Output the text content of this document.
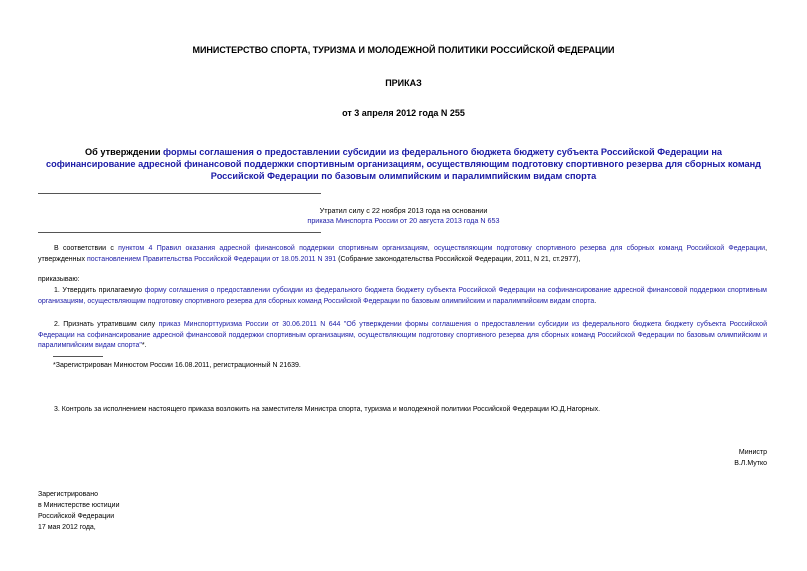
МИНИСТЕРСТВО СПОРТА, ТУРИЗМА И МОЛОДЕЖНОЙ ПОЛИТИКИ РОССИЙСКОЙ ФЕДЕРАЦИИ
ПРИКАЗ
от 3 апреля 2012 года N 255
Об утверждении формы соглашения о предоставлении субсидии из федерального бюджета бюджету субъекта Российской Федерации на софинансирование адресной финансовой поддержки спортивным организациям, осуществляющим подготовку спортивного резерва для сборных команд Российской Федерации по базовым олимпийским и паралимпийским видам спорта
Утратил силу с 22 ноября 2013 года на основании
приказа Минспорта России от 20 августа 2013 года N 653
В соответствии с пунктом 4 Правил оказания адресной финансовой поддержки спортивным организациям, осуществляющим подготовку спортивного резерва для сборных команд Российской Федерации, утвержденных постановлением Правительства Российской Федерации от 18.05.2011 N 391 (Собрание законодательства Российской Федерации, 2011, N 21, ст.2977),
приказываю:
1. Утвердить прилагаемую форму соглашения о предоставлении субсидии из федерального бюджета бюджету субъекта Российской Федерации на софинансирование адресной финансовой поддержки спортивным организациям, осуществляющим подготовку спортивного резерва для сборных команд Российской Федерации по базовым олимпийским и паралимпийским видам спорта.
2. Признать утратившим силу приказ Минспорттуризма России от 30.06.2011 N 644 "Об утверждении формы соглашения о предоставлении субсидии из федерального бюджета бюджету субъекта Российской Федерации на софинансирование адресной финансовой поддержки спортивным организациям, осуществляющим подготовку спортивного резерва для сборных команд Российской Федерации по базовым олимпийским и паралимпийским видам спорта"*.
*Зарегистрирован Минюстом России 16.08.2011, регистрационный N 21639.
3. Контроль за исполнением настоящего приказа возложить на заместителя Министра спорта, туризма и молодежной политики Российской Федерации Ю.Д.Нагорных.
Министр
В.Л.Мутко
Зарегистрировано
в Министерстве юстиции
Российской Федерации
17 мая 2012 года,
